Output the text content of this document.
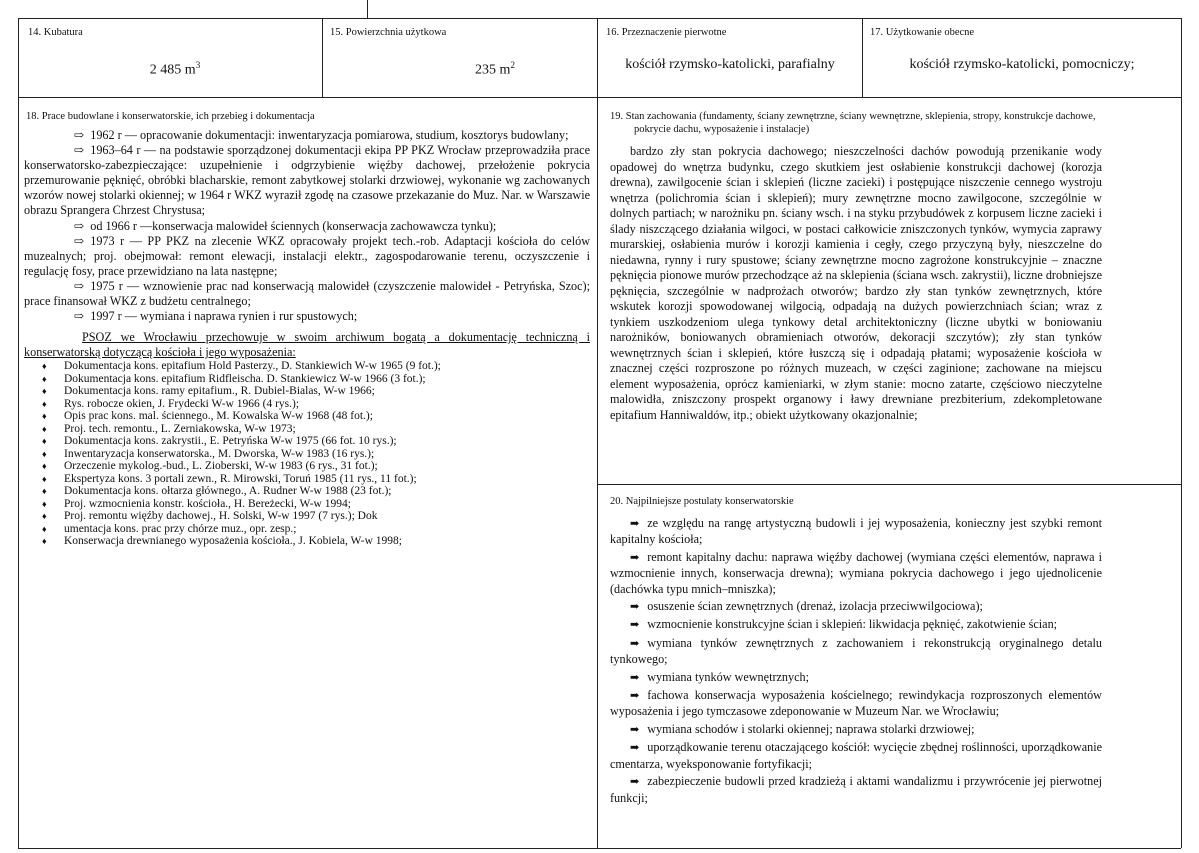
14. Kubatura
2 485 $m^3$
15. Powierzchnia użytkowa
235 $m^2$
16. Przeznaczenie pierwotne
kościół rzymsko-katolicki, parafialny
17. Użytkowanie obecne
kościół rzymsko-katolicki, pomocniczy;
18. Prace budowlane i konserwatorskie, ich przebieg i dokumentacja

⇨ 1962 r — opracowanie dokumentacji: inwentaryzacja pomiarowa, studium, kosztorys budowlany;

⇨ 1963–64 r — na podstawie sporządzonej dokumentacji ekipa PP PKZ Wrocław przeprowadziła prace konserwatorsko-zabezpieczające: uzupełnienie i odgrzybienie więźby dachowej, przełożenie pokrycia przemurowanie pęknięć, obróbki blacharskie, remont zabytkowej stolarki drzwiowej, wykonanie wg zachowanych wzorów nowej stolarki okiennej; w 1964 r WKZ wyraził zgodę na czasowe przekazanie do Muz. Nar. w Warszawie obrazu Sprangera Chrzest Chrystusa;

⇨ od 1966 r —konserwacja malowideł ściennych (konserwacja zachowawcza tynku);

⇨ 1973 r — PP PKZ na zlecenie WKZ opracowały projekt tech.-rob. Adaptacji kościoła do celów muzealnych; proj. obejmował: remont elewacji, instalacji elektr., zagospodarowanie terenu, oczyszczenie i regulację fosy, prace przewidziano na lata następne;

⇨ 1975 r — wznowienie prac nad konserwacją malowideł (czyszczenie malowideł - Petryńska, Szoc); prace finansował WKZ z budżetu centralnego;

⇨ 1997 r — wymiana i naprawa rynien i rur spustowych;

PSOZ we Wrocławiu przechowuje w swoim archiwum bogatą a dokumentację techniczną i konserwatorską dotyczącą kościoła i jego wyposażenia:

♦ Dokumentacja kons. epitafium Hold Pasterzy., D. Stankiewich W-w 1965 (9 fot.);
♦ Dokumentacja kons. epitafium Ridfleischa. D. Stankiewicz W-w 1966 (3 fot.);
♦ Dokumentacja kons. ramy epitafium., R. Dubiel-Bialas, W-w 1966;
♦ Rys. robocze okien, J. Frydecki W-w 1966 (4 rys.);
♦ Opis prac kons. mal. ściennego., M. Kowalska W-w 1968 (48 fot.);
♦ Proj. tech. remontu., L. Zerniakowska, W-w 1973;
♦ Dokumentacja kons. zakrystii., E. Petryńska W-w 1975 (66 fot. 10 rys.);
♦ Inwentaryzacja konserwatorska., M. Dworska, W-w 1983 (16 rys.);
♦ Orzeczenie mykolog.-bud., L. Zioberski, W-w 1983 (6 rys., 31 fot.);
♦ Ekspertyza kons. 3 portali zewn., R. Mirowski, Toruń 1985 (11 rys., 11 fot.);
♦ Dokumentacja kons. ołtarza głównego., A. Rudner W-w 1988 (23 fot.);
♦ Proj. wzmocnienia konstr. kościoła., H. Bereżecki, W-w 1994;
♦ Proj. remontu więźby dachowej., H. Solski, W-w 1997 (7 rys.); Dok
♦ umentacja kons. prac przy chórze muz., opr. zesp.;
♦ Konserwacja drewnianego wyposażenia kościoła., J. Kobiela, W-w 1998;
19. Stan zachowania (fundamenty, ściany zewnętrzne, ściany wewnętrzne, sklepienia, stropy, konstrukcje dachowe, pokrycie dachu, wyposażenie i instalacje)

bardzo zły stan pokrycia dachowego; nieszczelności dachów powodują przenikanie wody opadowej do wnętrza budynku, czego skutkiem jest osłabienie konstrukcji dachowej (korozja drewna), zawilgocenie ścian i sklepień (liczne zacieki) i postępujące niszczenie cennego wystroju wnętrza (polichromia ścian i sklepień); mury zewnętrzne mocno zawilgocone, szczególnie w dolnych partiach; w narożniku pn. ściany wsch. i na styku przybudówek z korpusem liczne zacieki i ślady niszczącego działania wilgoci, w postaci całkowicie zniszczonych tynków, wymycia zaprawy murarskiej, osłabienia murów i korozji kamienia i cegły, czego przyczyną były, nieszczelne do niedawna, rynny i rury spustowe; ściany zewnętrzne mocno zagrożone konstrukcyjnie – znaczne pęknięcia pionowe murów przechodzące aż na sklepienia (ściana wsch. zakrystii), liczne drobniejsze pęknięcia, szczególnie w nadprożach otworów; bardzo zły stan tynków zewnętrznych, które wskutek korozji spowodowanej wilgocią, odpadają na dużych powierzchniach ścian; wraz z tynkiem uszkodzeniom ulega tynkowy detal architektoniczny (liczne ubytki w boniowaniu narożników, boniowanych obramieniach otworów, dekoracji szczytów); zły stan tynków wewnętrznych ścian i sklepień, które łuszczą się i odpadają płatami; wyposażenie kościoła w znacznej części rozproszone po różnych muzeach, w części zaginione; zachowane na miejscu element wyposażenia, oprócz kamieniarki, w złym stanie: mocno zatarte, częściowo nieczytelne malowidła, zniszczony prospekt organowy i ławy drewniane prezbiterium, zdekompletowane epitafium Hanniwaldów, itp.; obiekt użytkowany okazjonalnie;

20. Najpilniejsze postulaty konserwatorskie

➡ ze względu na rangę artystyczną budowli i jej wyposażenia, konieczny jest szybki remont kapitalny kościoła;

➡ remont kapitalny dachu: naprawa więźby dachowej (wymiana części elementów, naprawa i wzmocnienie innych, konserwacja drewna); wymiana pokrycia dachowego i jego ujednolicenie (dachówka typu mnich–mniszka);

➡ osuszenie ścian zewnętrznych (drenaż, izolacja przeciwwilgociowa);

➡ wzmocnienie konstrukcyjne ścian i sklepień: likwidacja pęknięć, zakotwienie ścian;

➡ wymiana tynków zewnętrznych z zachowaniem i rekonstrukcją oryginalnego detalu tynkowego;

➡ wymiana tynków wewnętrznych;

➡ fachowa konserwacja wyposażenia kościelnego; rewindykacja rozproszonych elementów wyposażenia i jego tymczasowe zdeponowanie w Muzeum Nar. we Wrocławiu;

➡ wymiana schodów i stolarki okiennej; naprawa stolarki drzwiowej;

➡ uporządkowanie terenu otaczającego kościół: wycięcie zbędnej roślinności, uporządkowanie cmentarza, wyeksponowanie fortyfikacji;

➡ zabezpieczenie budowli przed kradzieżą i aktami wandalizmu i przywrócenie jej pierwotnej funkcji;
